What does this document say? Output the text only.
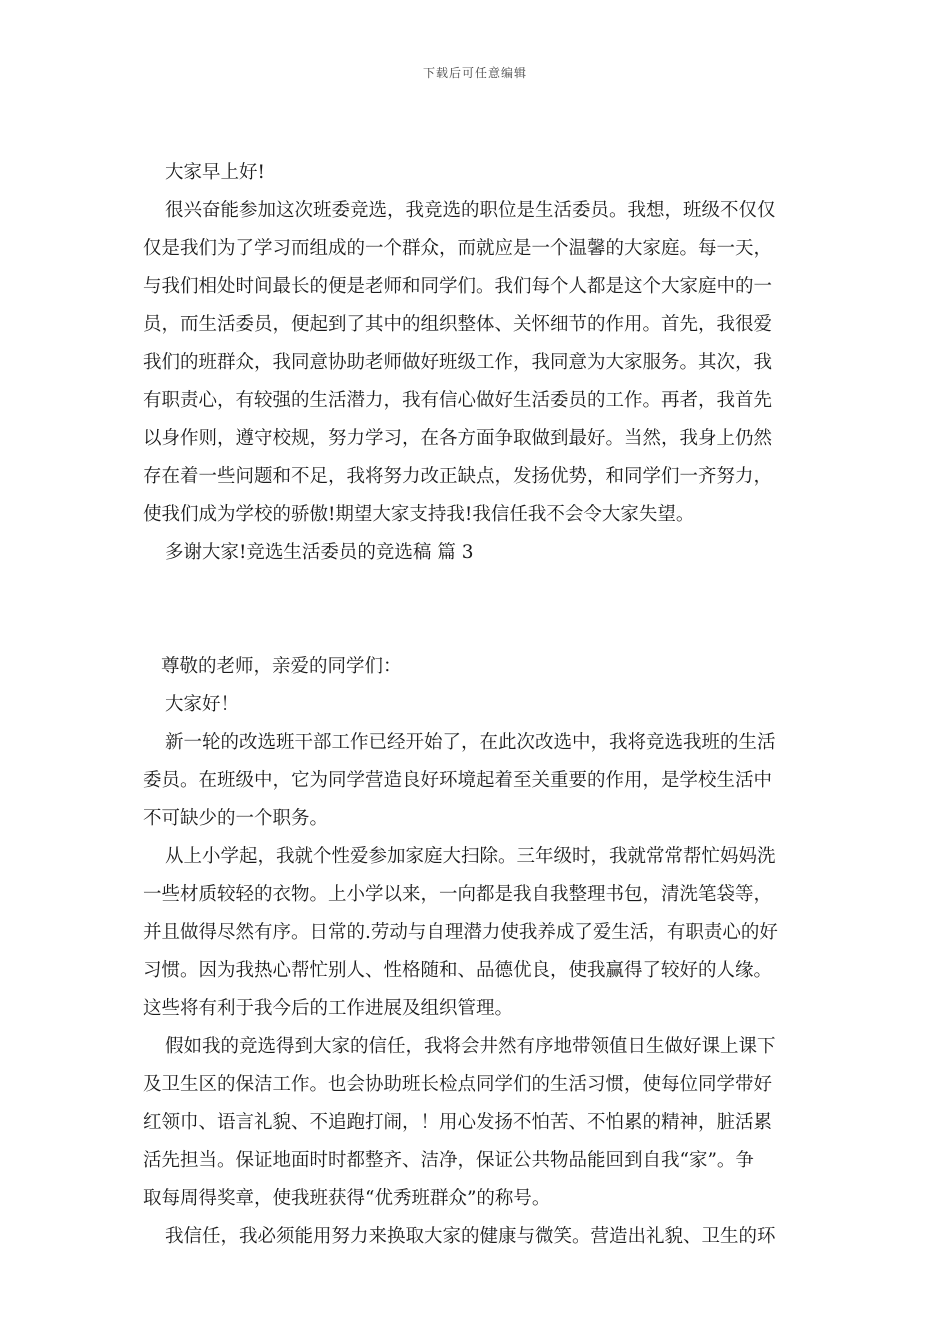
下载后可任意编辑
大家早上好!
很兴奋能参加这次班委竞选，我竞选的职位是生活委员。我想，班级不仅仅
仅是我们为了学习而组成的一个群众，而就应是一个温馨的大家庭。每一天，
与我们相处时间最长的便是老师和同学们。我们每个人都是这个大家庭中的一
员，而生活委员，便起到了其中的组织整体、关怀细节的作用。首先，我很爱
我们的班群众，我同意协助老师做好班级工作，我同意为大家服务。其次，我
有职责心，有较强的生活潜力，我有信心做好生活委员的工作。再者，我首先
以身作则，遵守校规，努力学习，在各方面争取做到最好。当然，我身上仍然
存在着一些问题和不足，我将努力改正缺点，发扬优势，和同学们一齐努力，
使我们成为学校的骄傲!期望大家支持我!我信任我不会令大家失望。
多谢大家!竞选生活委员的竞选稿 篇 3
尊敬的老师，亲爱的同学们：
大家好！
新一轮的改选班干部工作已经开始了，在此次改选中，我将竞选我班的生活
委员。在班级中，它为同学营造良好环境起着至关重要的作用，是学校生活中
不可缺少的一个职务。
从上小学起，我就个性爱参加家庭大扫除。三年级时，我就常常帮忙妈妈洗
一些材质较轻的衣物。上小学以来，一向都是我自我整理书包，清洗笔袋等，
并且做得尽然有序。日常的.劳动与自理潜力使我养成了爱生活，有职责心的好
习惯。因为我热心帮忙别人、性格随和、品德优良，使我赢得了较好的人缘。
这些将有利于我今后的工作进展及组织管理。
假如我的竞选得到大家的信任，我将会井然有序地带领值日生做好课上课下
及卫生区的保洁工作。也会协助班长检点同学们的生活习惯，使每位同学带好
红领巾、语言礼貌、不追跑打闹，！用心发扬不怕苦、不怕累的精神，脏活累
活先担当。保证地面时时都整齐、洁净，保证公共物品能回到自我“家”。争
取每周得奖章，使我班获得“优秀班群众”的称号。
我信任，我必须能用努力来换取大家的健康与微笑。营造出礼貌、卫生的环
